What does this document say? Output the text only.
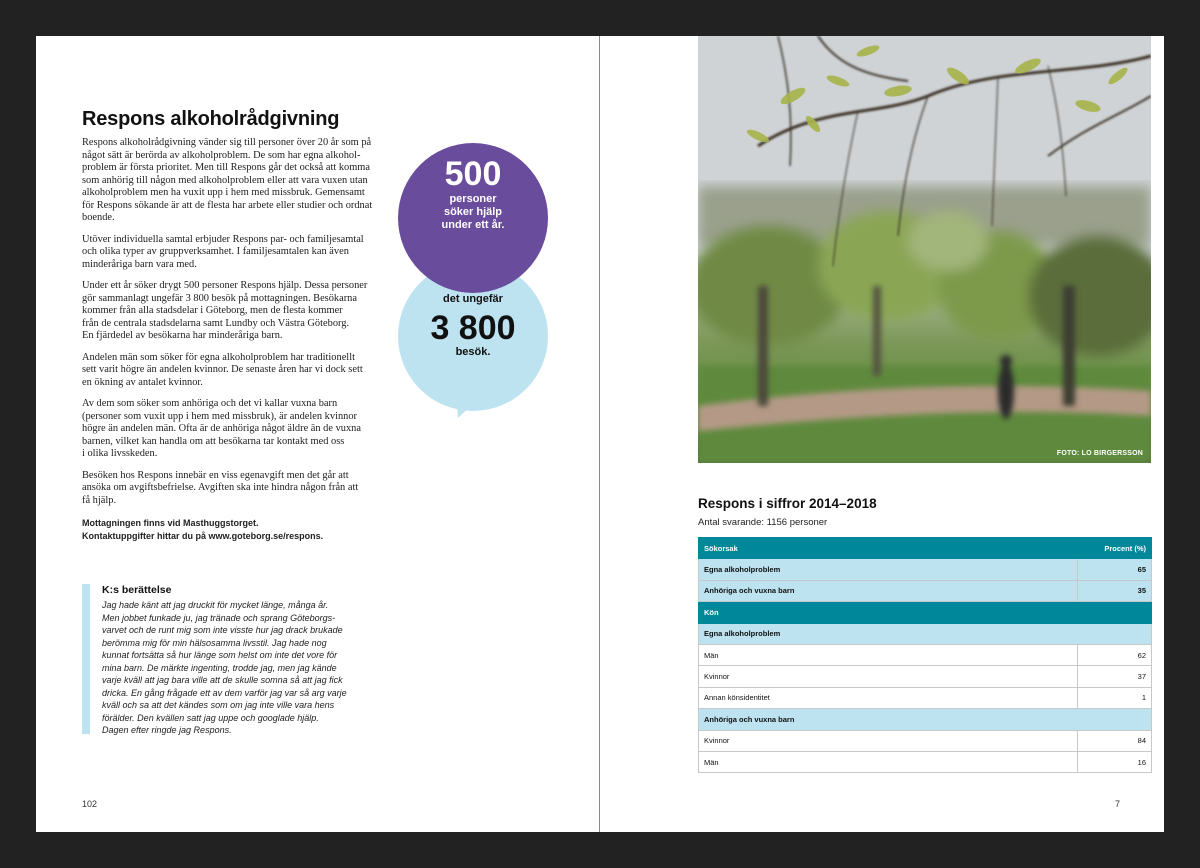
Respons alkoholrådgivning

Respons alkoholrådgivning vänder sig till personer över 20 år som på
något sätt är berörda av alkoholproblem. De som har egna alkohol-
problem är första prioritet. Men till Respons går det också att komma
som anhörig till någon med alkoholproblem eller att vara vuxen utan
alkoholproblem men ha vuxit upp i hem med missbruk. Gemensamt
för Respons sökande är att de flesta har arbete eller studier och ordnat
boende.

Utöver individuella samtal erbjuder Respons par- och familjesamtal
och olika typer av gruppverksamhet. I familjesamtalen kan även
minderåriga barn vara med.

Under ett år söker drygt 500 personer Respons hjälp. Dessa personer
gör sammanlagt ungefär 3 800 besök på mottagningen. Besökarna
kommer från alla stadsdelar i Göteborg, men de flesta kommer
från de centrala stadsdelarna samt Lundby och Västra Göteborg.
En fjärdedel av besökarna har minderåriga barn.

Andelen män som söker för egna alkoholproblem har traditionellt
sett varit högre än andelen kvinnor. De senaste åren har vi dock sett
en ökning av antalet kvinnor.

Av dem som söker som anhöriga och det vi kallar vuxna barn
(personer som vuxit upp i hem med missbruk), är andelen kvinnor
högre än andelen män. Ofta är de anhöriga något äldre än de vuxna
barnen, vilket kan handla om att besökarna tar kontakt med oss
i olika livsskeden.

Besöken hos Respons innebär en viss egenavgift men det går att
ansöka om avgiftsbefrielse. Avgiften ska inte hindra någon från att
få hjälp.

Mottagningen finns vid Masthuggstorget.
Kontaktuppgifter hittar du på www.goteborg.se/respons.

det ungefär
3 800
besök.
500
personer
söker hjälp
under ett år.

K:s berättelse

Jag hade känt att jag druckit för mycket länge, många år.
Men jobbet funkade ju, jag tränade och sprang Göteborgs-
varvet och de runt mig som inte visste hur jag drack brukade
berömma mig för min hälsosamma livsstil. Jag hade nog
kunnat fortsätta så hur länge som helst om inte det vore för
mina barn. De märkte ingenting, trodde jag, men jag kände
varje kväll att jag bara ville att de skulle somna så att jag fick
dricka. En gång frågade ett av dem varför jag var så arg varje
kväll och sa att det kändes som om jag inte ville vara hens
förälder. Den kvällen satt jag uppe och googlade hjälp.
Dagen efter ringde jag Respons.

102
FOTO: LO BIRGERSSON
Respons i siffror 2014–2018
Antal svarande: 1156 personer
Sökorsak	Procent (%)
Egna alkoholproblem	65
Anhöriga och vuxna barn	35
Kön	
Egna alkoholproblem	
Män	62
Kvinnor	37
Annan könsidentitet	1
Anhöriga och vuxna barn	
Kvinnor	84
Män	16
7
